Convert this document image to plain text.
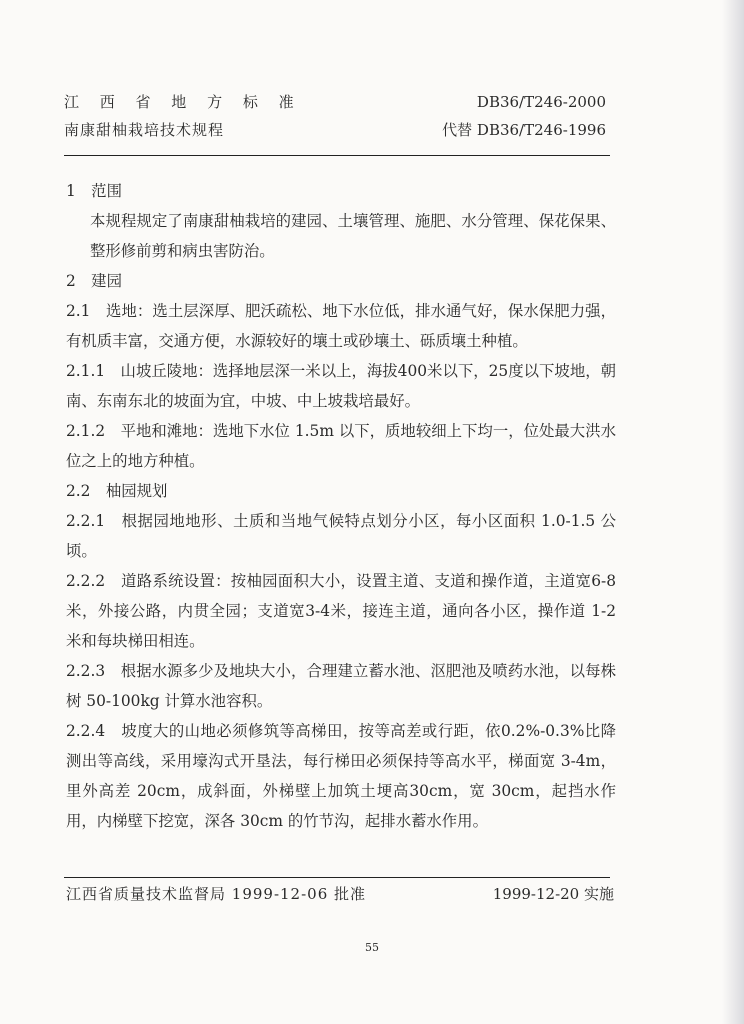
江 西 省 地 方 标 准
南康甜柚栽培技术规程
DB36/T246-2000
代替 DB36/T246-1996

1　范围

本规程规定了南康甜柚栽培的建园、土壤管理、施肥、水分管理、保花保果、整形修前剪和病虫害防治。

2　建园

2.1　选地：选土层深厚、肥沃疏松、地下水位低，排水通气好，保水保肥力强，有机质丰富，交通方便，水源较好的壤土或砂壤土、砾质壤土种植。

2.1.1　山坡丘陵地：选择地层深一米以上，海拔400米以下，25度以下坡地，朝南、东南东北的坡面为宜，中坡、中上坡栽培最好。

2.1.2　平地和滩地：选地下水位 1.5m 以下，质地较细上下均一，位处最大洪水位之上的地方种植。

2.2　柚园规划

2.2.1　根据园地地形、土质和当地气候特点划分小区，每小区面积 1.0-1.5 公顷。

2.2.2　道路系统设置：按柚园面积大小，设置主道、支道和操作道，主道宽6-8米，外接公路，内贯全园；支道宽3-4米，接连主道，通向各小区，操作道 1-2 米和每块梯田相连。

2.2.3　根据水源多少及地块大小，合理建立蓄水池、沤肥池及喷药水池，以每株树 50-100kg 计算水池容积。

2.2.4　坡度大的山地必须修筑等高梯田，按等高差或行距，依0.2%-0.3%比降测出等高线，采用壕沟式开垦法，每行梯田必须保持等高水平，梯面宽 3-4m，里外高差 20cm，成斜面，外梯壁上加筑土埂高30cm，宽 30cm，起挡水作用，内梯壁下挖宽，深各 30cm 的竹节沟，起排水蓄水作用。

江西省质量技术监督局 1999-12-06 批准	1999-12-20 实施
55
